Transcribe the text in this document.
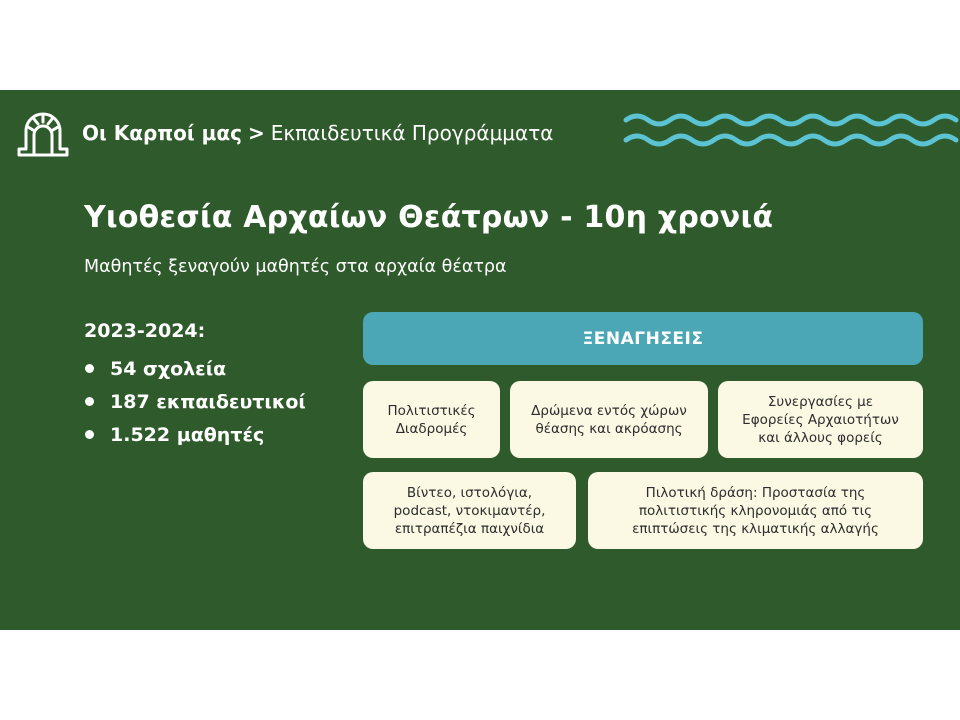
Οι Καρποί μας > Εκπαιδευτικά Προγράμματα
Υιοθεσία Αρχαίων Θεάτρων - 10η χρονιά
Μαθητές ξεναγούν μαθητές στα αρχαία θέατρα
2023-2024:
54 σχολεία
187 εκπαιδευτικοί
1.522 μαθητές
ΞΕΝΑΓΗΣΕΙΣ
Πολιτιστικές
Διαδρομές
Δρώμενα εντός χώρων
θέασης και ακρόασης
Συνεργασίες με
Εφορείες Αρχαιοτήτων
και άλλους φορείς
Βίντεο, ιστολόγια,
podcast, ντοκιμαντέρ,
επιτραπέζια παιχνίδια
Πιλοτική δράση: Προστασία της
πολιτιστικής κληρονομιάς από τις
επιπτώσεις της κλιματικής αλλαγής
